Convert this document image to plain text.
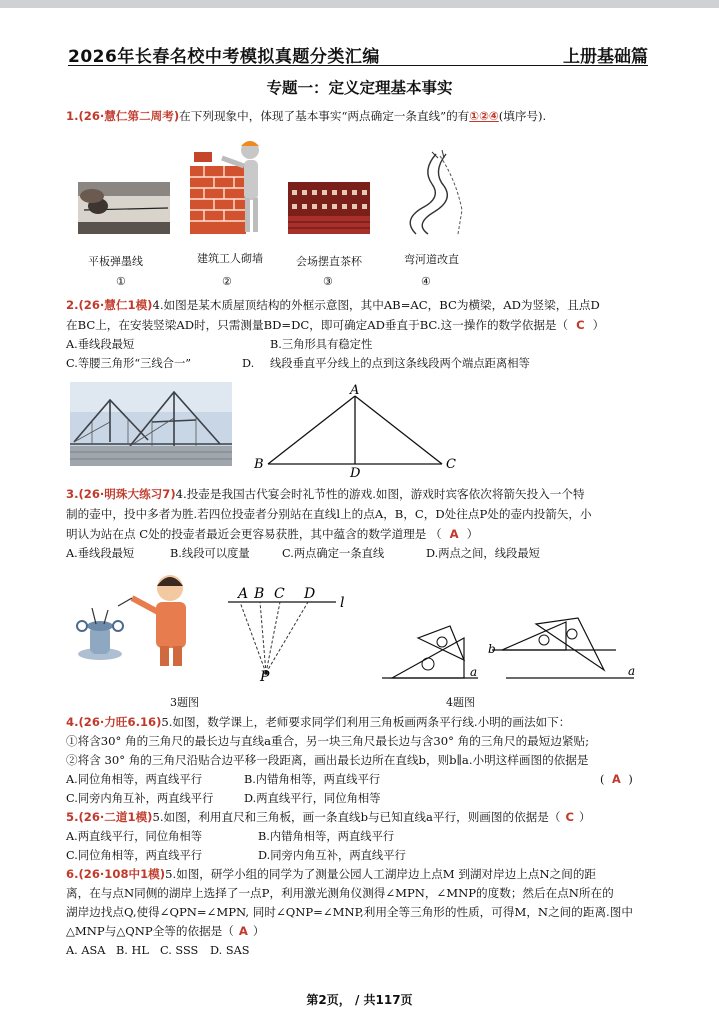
2026年长春名校中考模拟真题分类汇编	上册基础篇
专题一：定义定理基本事实
1.(26·慧仁第二周考)在下列现象中，体现了基本事实“两点确定一条直线”的有①②④(填序号).
平板弹墨线	建筑工人砌墙	会场摆直茶杯	弯河道改直
①	②	③	④
2.(26·慧仁1模)4.如图是某木质屋顶结构的外框示意图，其中AB=AC，BC为横梁，AD为竖梁，且点D
在BC上，在安装竖梁AD时，只需测量BD=DC，即可确定AD垂直于BC.这一操作的数学依据是（ C ）
A.垂线段最短	B.三角形具有稳定性
C.等腰三角形“三线合一”	D. 线段垂直平分线上的点到这条线段两个端点距离相等
A
B	C
D
3.(26·明珠大练习7)4.投壶是我国古代宴会时礼节性的游戏.如图，游戏时宾客依次将箭矢投入一个特
制的壶中，投中多者为胜.若四位投壶者分别站在直线l上的点A，B，C，D处往点P处的壶内投箭矢，小
明认为站在点 C处的投壶者最近会更容易获胜，其中蕴含的数学道理是 （ A ）
A.垂线段最短	B.线段可以度量	C.两点确定一条直线	D.两点之间，线段最短
A B C D
l
P	a
b
a
3题图	4题图
4.(26·力旺6.16)5.如图，数学课上，老师要求同学们利用三角板画两条平行线.小明的画法如下：
①将含30° 角的三角尺的最长边与直线a重合，另一块三角尺最长边与含30° 角的三角尺的最短边紧贴;
②将含 30° 角的三角尺沿贴合边平移一段距离，画出最长边所在直线b，则b∥a.小明这样画图的依据是
A.同位角相等，两直线平行	B.内错角相等，两直线平行	( A )
C.同旁内角互补，两直线平行	D.两直线平行，同位角相等
5.(26·二道1模)5.如图，利用直尺和三角板，画一条直线b与已知直线a平行，则画图的依据是（ C ）
A.两直线平行，同位角相等	B.内错角相等，两直线平行
C.同位角相等，两直线平行	D.同旁内角互补，两直线平行
6.(26·108中1模)5.如图，研学小组的同学为了测量公园人工湖岸边上点M 到湖对岸边上点N之间的距
离，在与点N同侧的湖岸上选择了一点P，利用激光测角仪测得∠MPN，∠MNP的度数；然后在点N所在的
湖岸边找点Q,使得∠QPN=∠MPN, 同时∠QNP=∠MNP,利用全等三角形的性质，可得M，N之间的距离.图中
△MNP与△QNP全等的依据是（ A ）
A. ASA B. HL C. SSS D. SAS
第2页， / 共117页
